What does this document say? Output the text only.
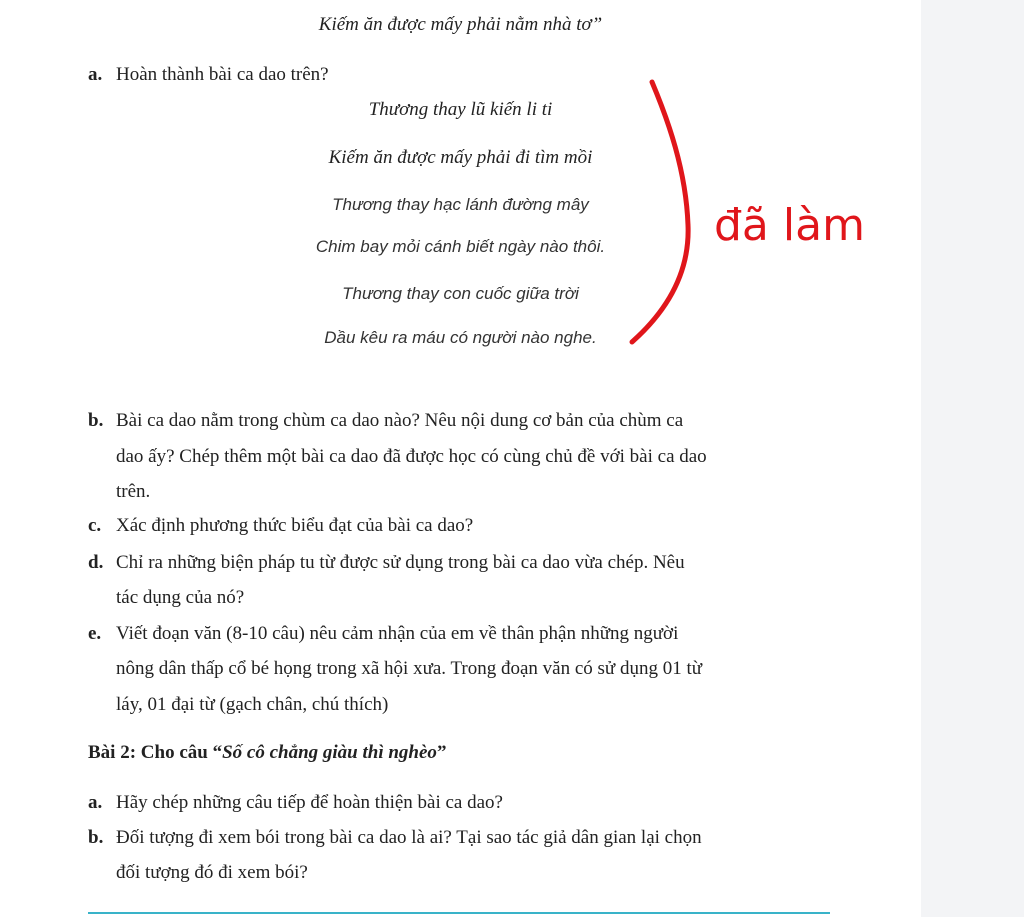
Kiếm ăn được mấy phải nằm nhà tơ”
a. Hoàn thành bài ca dao trên?
Thương thay lũ kiến li ti
Kiếm ăn được mấy phải đi tìm mồi
Thương thay hạc lánh đường mây
Chim bay mỏi cánh biết ngày nào thôi.
Thương thay con cuốc giữa trời
Dầu kêu ra máu có người nào nghe.
đã làm
b. Bài ca dao nằm trong chùm ca dao nào? Nêu nội dung cơ bản của chùm ca
dao ấy? Chép thêm một bài ca dao đã được học có cùng chủ đề với bài ca dao
trên.
c. Xác định phương thức biểu đạt của bài ca dao?
d. Chỉ ra những biện pháp tu từ được sử dụng trong bài ca dao vừa chép. Nêu
tác dụng của nó?
e. Viết đoạn văn (8-10 câu) nêu cảm nhận của em về thân phận những người
nông dân thấp cổ bé họng trong xã hội xưa. Trong đoạn văn có sử dụng 01 từ
láy, 01 đại từ (gạch chân, chú thích)
Bài 2: Cho câu “Số cô chẳng giàu thì nghèo”
a. Hãy chép những câu tiếp để hoàn thiện bài ca dao?
b. Đối tượng đi xem bói trong bài ca dao là ai? Tại sao tác giả dân gian lại chọn
đối tượng đó đi xem bói?
